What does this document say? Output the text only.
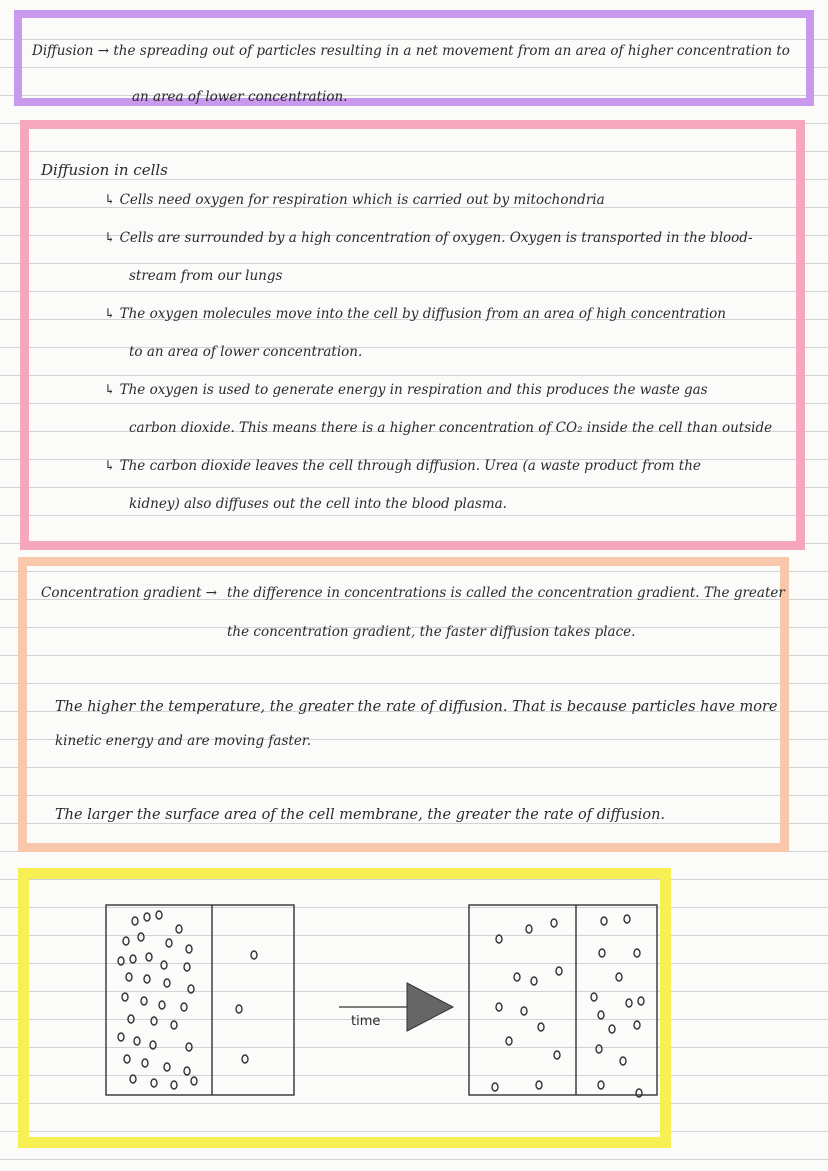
Diffusion → the spreading out of particles resulting in a net movement from an area of higher concentration to
an area of lower concentration.
Diffusion in cells
↳ Cells need oxygen for respiration which is carried out by mitochondria
↳ Cells are surrounded by a high concentration of oxygen. Oxygen is transported in the blood-
stream from our lungs
↳ The oxygen molecules move into the cell by diffusion from an area of high concentration
to an area of lower concentration.
↳ The oxygen is used to generate energy in respiration and this produces the waste gas
carbon dioxide. This means there is a higher concentration of CO₂ inside the cell than outside
↳ The carbon dioxide leaves the cell through diffusion. Urea (a waste product from the
kidney) also diffuses out the cell into the blood plasma.
Concentration gradient → the difference in concentrations is called the concentration gradient. The greater
the concentration gradient, the faster diffusion takes place.
The higher the temperature, the greater the rate of diffusion. That is because particles have more
kinetic energy and are moving faster.
The larger the surface area of the cell membrane, the greater the rate of diffusion.
time
